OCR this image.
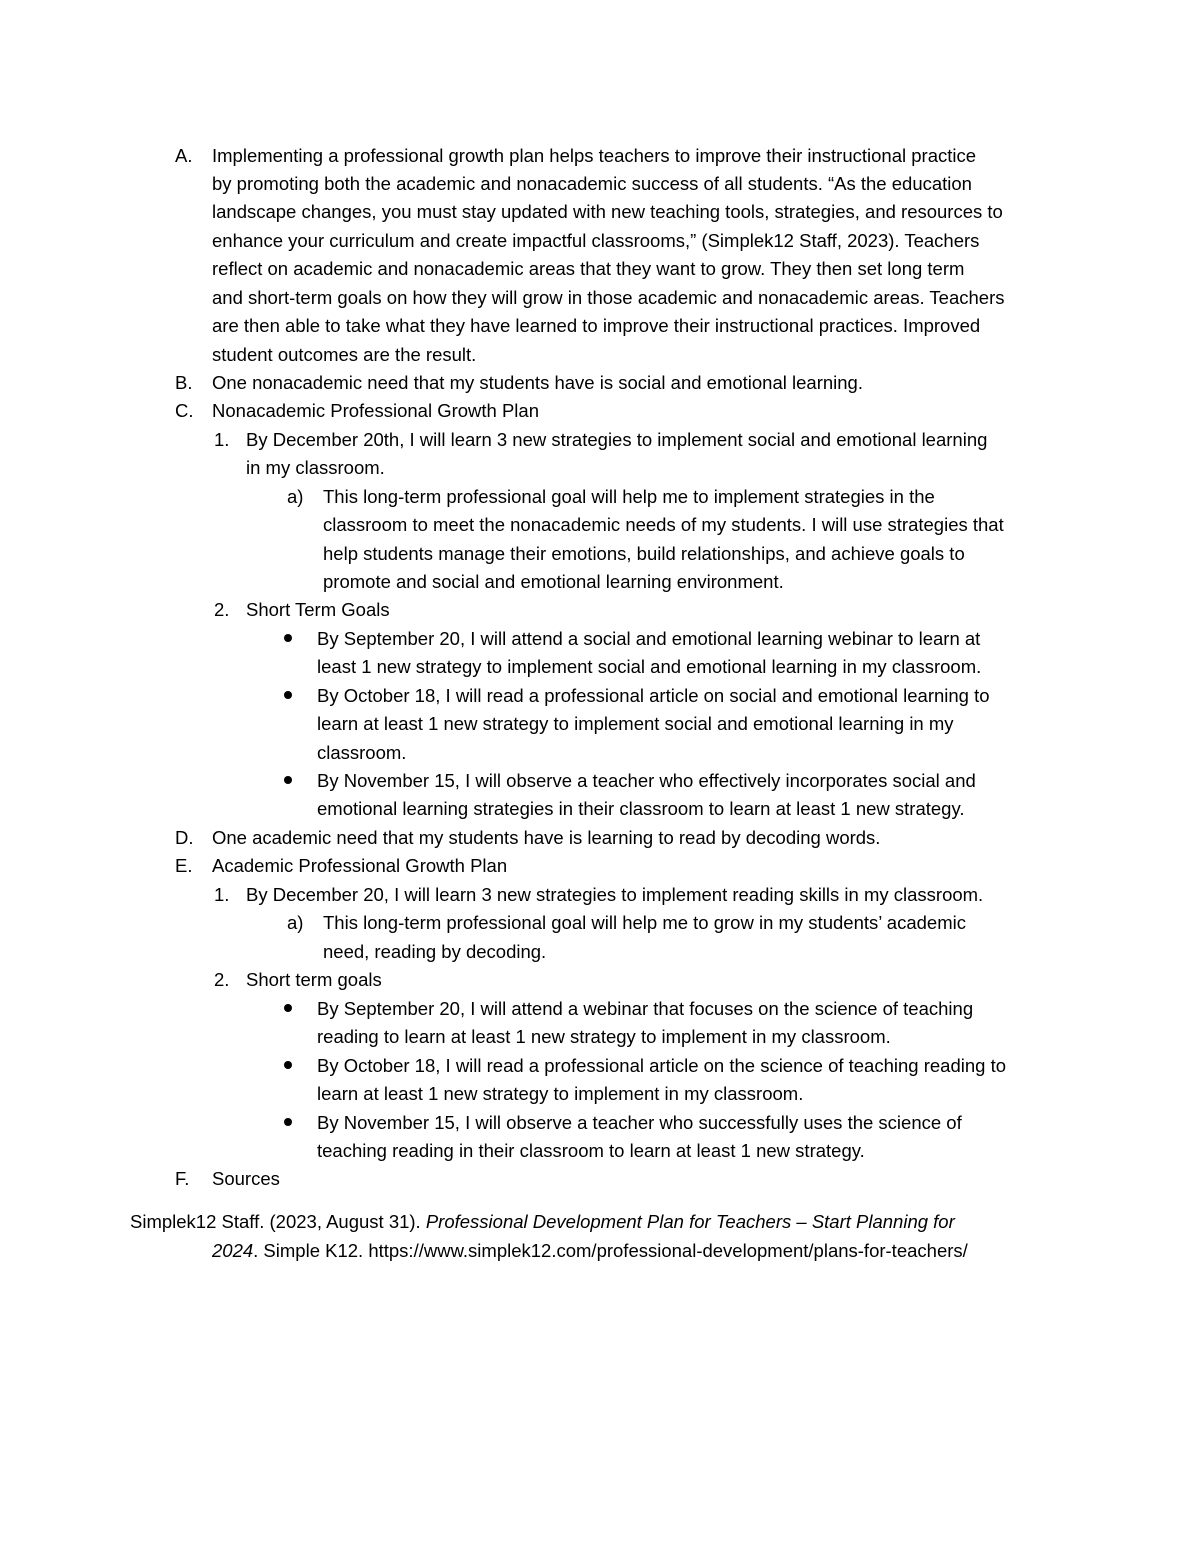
A. Implementing a professional growth plan helps teachers to improve their instructional practice
by promoting both the academic and nonacademic success of all students. “As the education
landscape changes, you must stay updated with new teaching tools, strategies, and resources to
enhance your curriculum and create impactful classrooms,” (Simplek12 Staff, 2023). Teachers
reflect on academic and nonacademic areas that they want to grow. They then set long term
and short-term goals on how they will grow in those academic and nonacademic areas. Teachers
are then able to take what they have learned to improve their instructional practices. Improved
student outcomes are the result.
B. One nonacademic need that my students have is social and emotional learning.
C. Nonacademic Professional Growth Plan
1. By December 20th, I will learn 3 new strategies to implement social and emotional learning
in my classroom.
a) This long-term professional goal will help me to implement strategies in the
classroom to meet the nonacademic needs of my students. I will use strategies that
help students manage their emotions, build relationships, and achieve goals to
promote and social and emotional learning environment.
2. Short Term Goals
By September 20, I will attend a social and emotional learning webinar to learn at
least 1 new strategy to implement social and emotional learning in my classroom.
By October 18, I will read a professional article on social and emotional learning to
learn at least 1 new strategy to implement social and emotional learning in my
classroom.
By November 15, I will observe a teacher who effectively incorporates social and
emotional learning strategies in their classroom to learn at least 1 new strategy.
D. One academic need that my students have is learning to read by decoding words.
E. Academic Professional Growth Plan
1. By December 20, I will learn 3 new strategies to implement reading skills in my classroom.
a) This long-term professional goal will help me to grow in my students’ academic
need, reading by decoding.
2. Short term goals
By September 20, I will attend a webinar that focuses on the science of teaching
reading to learn at least 1 new strategy to implement in my classroom.
By October 18, I will read a professional article on the science of teaching reading to
learn at least 1 new strategy to implement in my classroom.
By November 15, I will observe a teacher who successfully uses the science of
teaching reading in their classroom to learn at least 1 new strategy.
F. Sources
Simplek12 Staff. (2023, August 31). Professional Development Plan for Teachers – Start Planning for
2024. Simple K12. https://www.simplek12.com/professional-development/plans-for-teachers/
